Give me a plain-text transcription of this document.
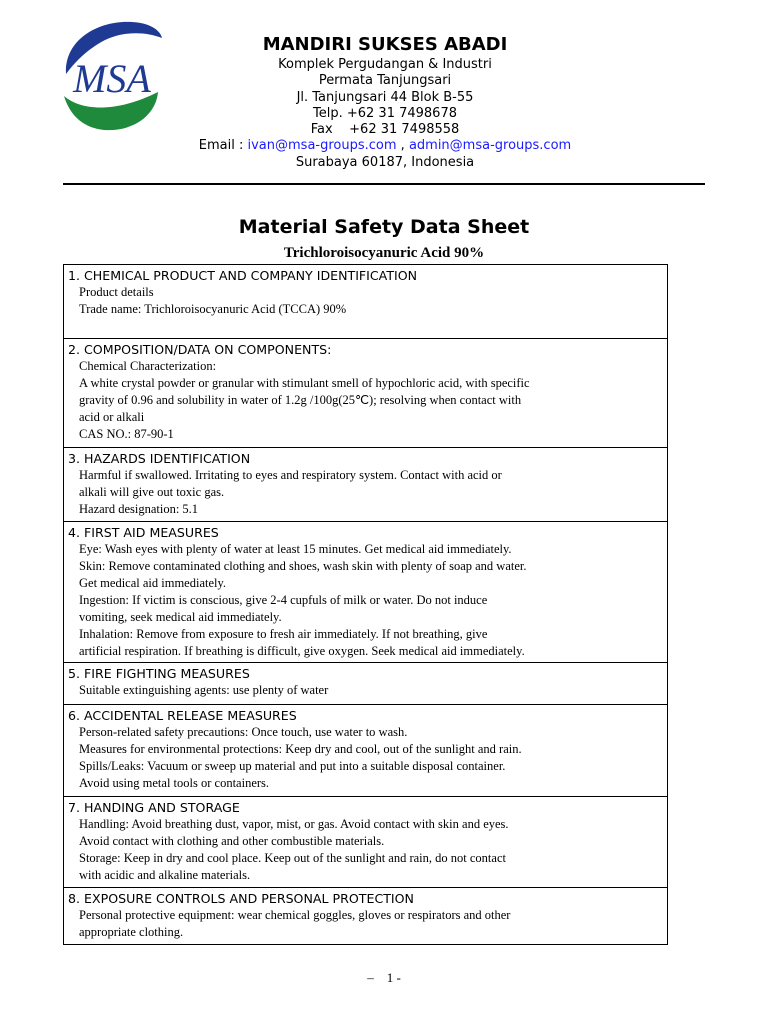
MSA
MANDIRI SUKSES ABADI
Komplek Pergudangan & Industri
Permata Tanjungsari
Jl. Tanjungsari 44 Blok B-55
Telp. +62 31 7498678
Fax    +62 31 7498558
Email : ivan@msa-groups.com , admin@msa-groups.com
Surabaya 60187, Indonesia
Material Safety Data Sheet
Trichloroisocyanuric Acid 90%
1. CHEMICAL PRODUCT AND COMPANY IDENTIFICATION
Product details
Trade name: Trichloroisocyanuric Acid (TCCA) 90%
2. COMPOSITION/DATA ON COMPONENTS:
Chemical Characterization:
A white crystal powder or granular with stimulant smell of hypochloric acid, with specific
gravity of 0.96 and solubility in water of 1.2g /100g(25℃); resolving when contact with
acid or alkali
CAS NO.: 87-90-1
3. HAZARDS IDENTIFICATION
Harmful if swallowed. Irritating to eyes and respiratory system. Contact with acid or
alkali will give out toxic gas.
Hazard designation: 5.1
4. FIRST AID MEASURES
Eye: Wash eyes with plenty of water at least 15 minutes. Get medical aid immediately.
Skin: Remove contaminated clothing and shoes, wash skin with plenty of soap and water.
Get medical aid immediately.
Ingestion: If victim is conscious, give 2-4 cupfuls of milk or water. Do not induce
vomiting, seek medical aid immediately.
Inhalation: Remove from exposure to fresh air immediately. If not breathing, give
artificial respiration. If breathing is difficult, give oxygen. Seek medical aid immediately.
5. FIRE FIGHTING MEASURES
Suitable extinguishing agents: use plenty of water
6. ACCIDENTAL RELEASE MEASURES
Person-related safety precautions: Once touch, use water to wash.
Measures for environmental protections: Keep dry and cool, out of the sunlight and rain.
Spills/Leaks: Vacuum or sweep up material and put into a suitable disposal container.
Avoid using metal tools or containers.
7. HANDING AND STORAGE
Handling: Avoid breathing dust, vapor, mist, or gas. Avoid contact with skin and eyes.
Avoid contact with clothing and other combustible materials.
Storage: Keep in dry and cool place. Keep out of the sunlight and rain, do not contact
with acidic and alkaline materials.
8. EXPOSURE CONTROLS AND PERSONAL PROTECTION
Personal protective equipment: wear chemical goggles, gloves or respirators and other
appropriate clothing.
–    1 -
